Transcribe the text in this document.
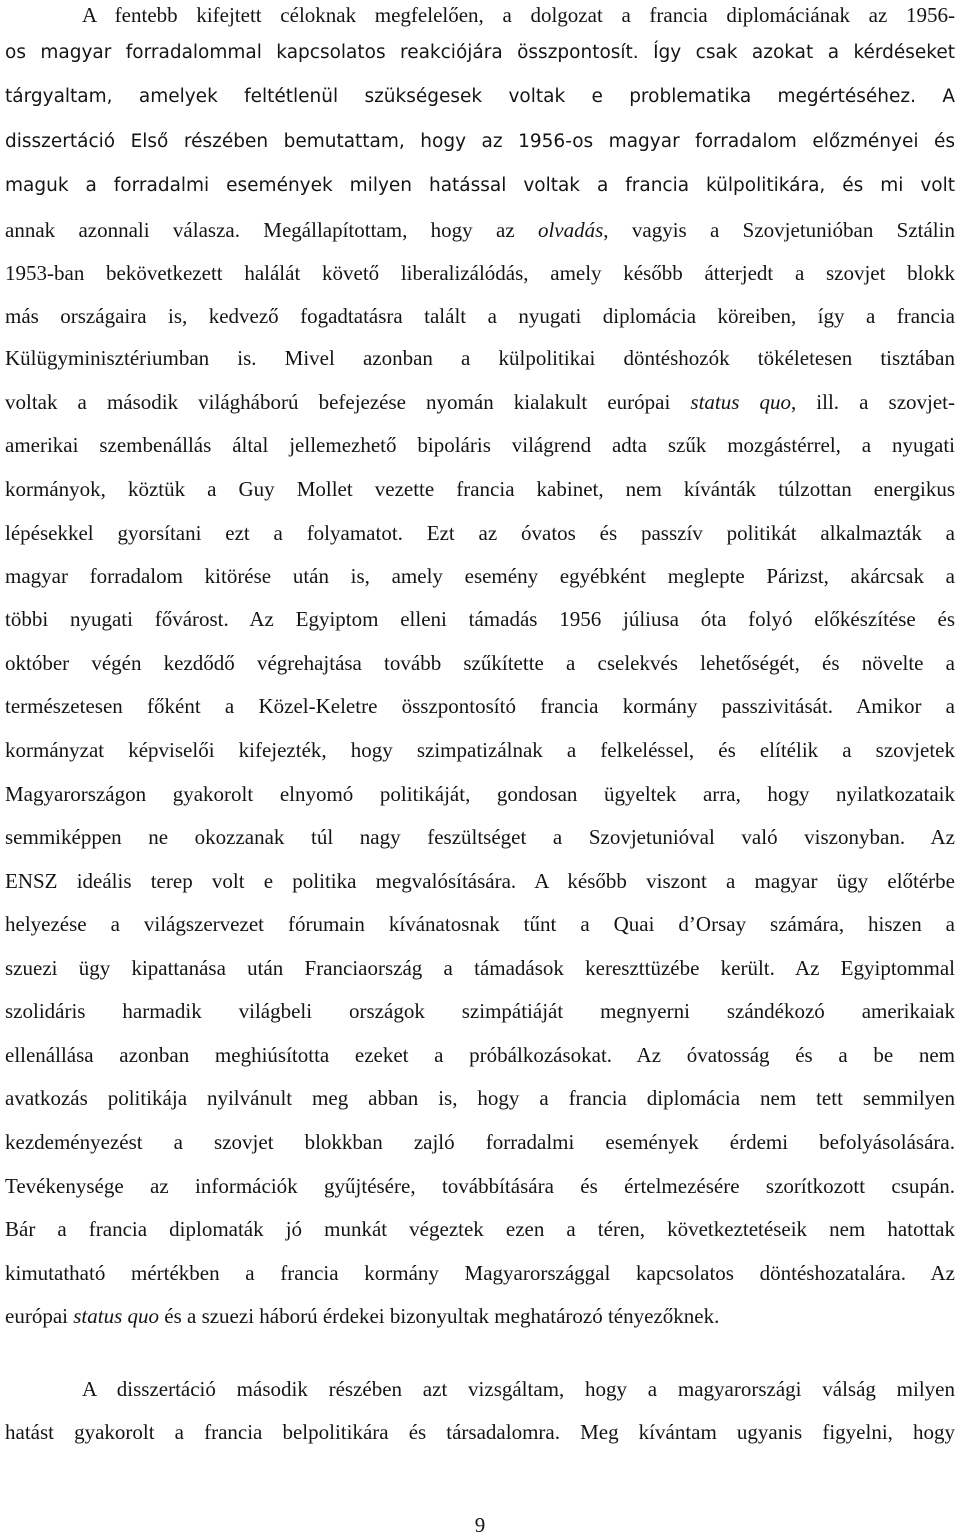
A fentebb kifejtett céloknak megfelelően, a dolgozat a francia diplomáciának az 1956-
os magyar forradalommal kapcsolatos reakciójára összpontosít. Így csak azokat a kérdéseket
tárgyaltam, amelyek feltétlenül szükségesek voltak e problematika megértéséhez. A
disszertáció Első részében bemutattam, hogy az 1956-os magyar forradalom előzményei és
maguk a forradalmi események milyen hatással voltak a francia külpolitikára, és mi volt
annak azonnali válasza. Megállapítottam, hogy az olvadás, vagyis a Szovjetunióban Sztálin
1953-ban bekövetkezett halálát követő liberalizálódás, amely később átterjedt a szovjet blokk
más országaira is, kedvező fogadtatásra talált a nyugati diplomácia köreiben, így a francia
Külügyminisztériumban is. Mivel azonban a külpolitikai döntéshozók tökéletesen tisztában
voltak a második világháború befejezése nyomán kialakult európai status quo, ill. a szovjet-
amerikai szembenállás által jellemezhető bipoláris világrend adta szűk mozgástérrel, a nyugati
kormányok, köztük a Guy Mollet vezette francia kabinet, nem kívánták túlzottan energikus
lépésekkel gyorsítani ezt a folyamatot. Ezt az óvatos és passzív politikát alkalmazták a
magyar forradalom kitörése után is, amely esemény egyébként meglepte Párizst, akárcsak a
többi nyugati fővárost. Az Egyiptom elleni támadás 1956 júliusa óta folyó előkészítése és
október végén kezdődő végrehajtása tovább szűkítette a cselekvés lehetőségét, és növelte a
természetesen főként a Közel-Keletre összpontosító francia kormány passzivitását. Amikor a
kormányzat képviselői kifejezték, hogy szimpatizálnak a felkeléssel, és elítélik a szovjetek
Magyarországon gyakorolt elnyomó politikáját, gondosan ügyeltek arra, hogy nyilatkozataik
semmiképpen ne okozzanak túl nagy feszültséget a Szovjetunióval való viszonyban. Az
ENSZ ideális terep volt e politika megvalósítására. A később viszont a magyar ügy előtérbe
helyezése a világszervezet fórumain kívánatosnak tűnt a Quai d’Orsay számára, hiszen a
szuezi ügy kipattanása után Franciaország a támadások kereszttüzébe került. Az Egyiptommal
szolidáris harmadik világbeli országok szimpátiáját megnyerni szándékozó amerikaiak
ellenállása azonban meghiúsította ezeket a próbálkozásokat. Az óvatosság és a be nem
avatkozás politikája nyilvánult meg abban is, hogy a francia diplomácia nem tett semmilyen
kezdeményezést a szovjet blokkban zajló forradalmi események érdemi befolyásolására.
Tevékenysége az információk gyűjtésére, továbbítására és értelmezésére szorítkozott csupán.
Bár a francia diplomaták jó munkát végeztek ezen a téren, következtetéseik nem hatottak
kimutatható mértékben a francia kormány Magyarországgal kapcsolatos döntéshozatalára. Az
európai status quo és a szuezi háború érdekei bizonyultak meghatározó tényezőknek.
A disszertáció második részében azt vizsgáltam, hogy a magyarországi válság milyen
hatást gyakorolt a francia belpolitikára és társadalomra. Meg kívántam ugyanis figyelni, hogy
9
